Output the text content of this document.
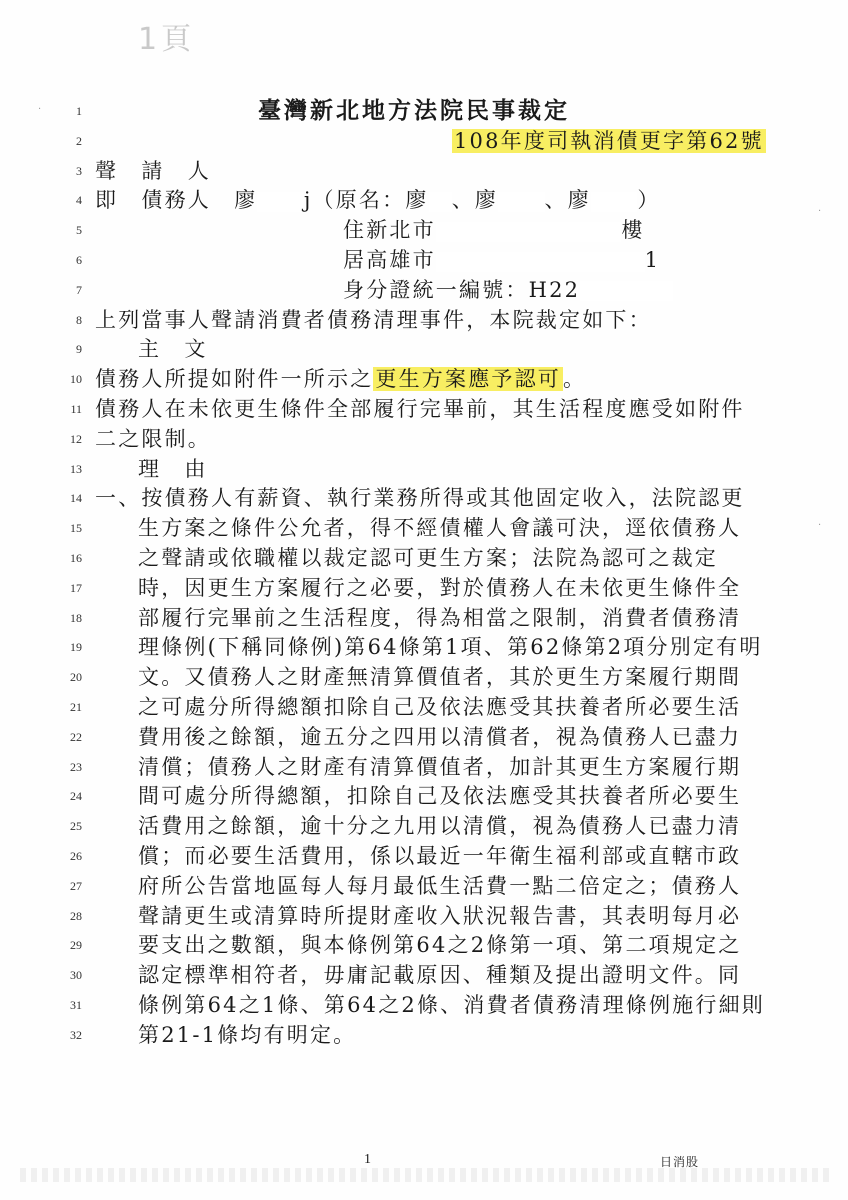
1頁
·
·
·
1	臺灣新北地方法院民事裁定
2	108年度司執消債更字第62號
3 聲　請　人
4 即　債務人　廖　　 j（原名：廖　 、廖　　 、廖　　 ）
5	住新北市　　　　　　　　	樓
6	居高雄市　　　　　　　　　	1
7	身分證統一編號：H22　　　　
8 上列當事人聲請消費者債務清理事件，本院裁定如下：
9	主　文
10 債務人所提如附件一所示之更生方案應予認可。
11 債務人在未依更生條件全部履行完畢前，其生活程度應受如附件
12 二之限制。
13	理　由
14 一、按債務人有薪資、執行業務所得或其他固定收入，法院認更
15	生方案之條件公允者，得不經債權人會議可決，逕依債務人
16	之聲請或依職權以裁定認可更生方案；法院為認可之裁定
17	時，因更生方案履行之必要，對於債務人在未依更生條件全
18	部履行完畢前之生活程度，得為相當之限制，消費者債務清
19	理條例(下稱同條例)第64條第1項、第62條第2項分別定有明
20	文。又債務人之財產無清算價值者，其於更生方案履行期間
21	之可處分所得總額扣除自己及依法應受其扶養者所必要生活
22	費用後之餘額，逾五分之四用以清償者，視為債務人已盡力
23	清償；債務人之財產有清算價值者，加計其更生方案履行期
24	間可處分所得總額，扣除自己及依法應受其扶養者所必要生
25	活費用之餘額，逾十分之九用以清償，視為債務人已盡力清
26	償；而必要生活費用，係以最近一年衛生福利部或直轄市政
27	府所公告當地區每人每月最低生活費一點二倍定之；債務人
28	聲請更生或清算時所提財產收入狀況報告書，其表明每月必
29	要支出之數額，與本條例第64之2條第一項、第二項規定之
30	認定標準相符者，毋庸記載原因、種類及提出證明文件。同
31	條例第64之1條、第64之2條、消費者債務清理條例施行細則
32	第21-1條均有明定。
1	日消股
